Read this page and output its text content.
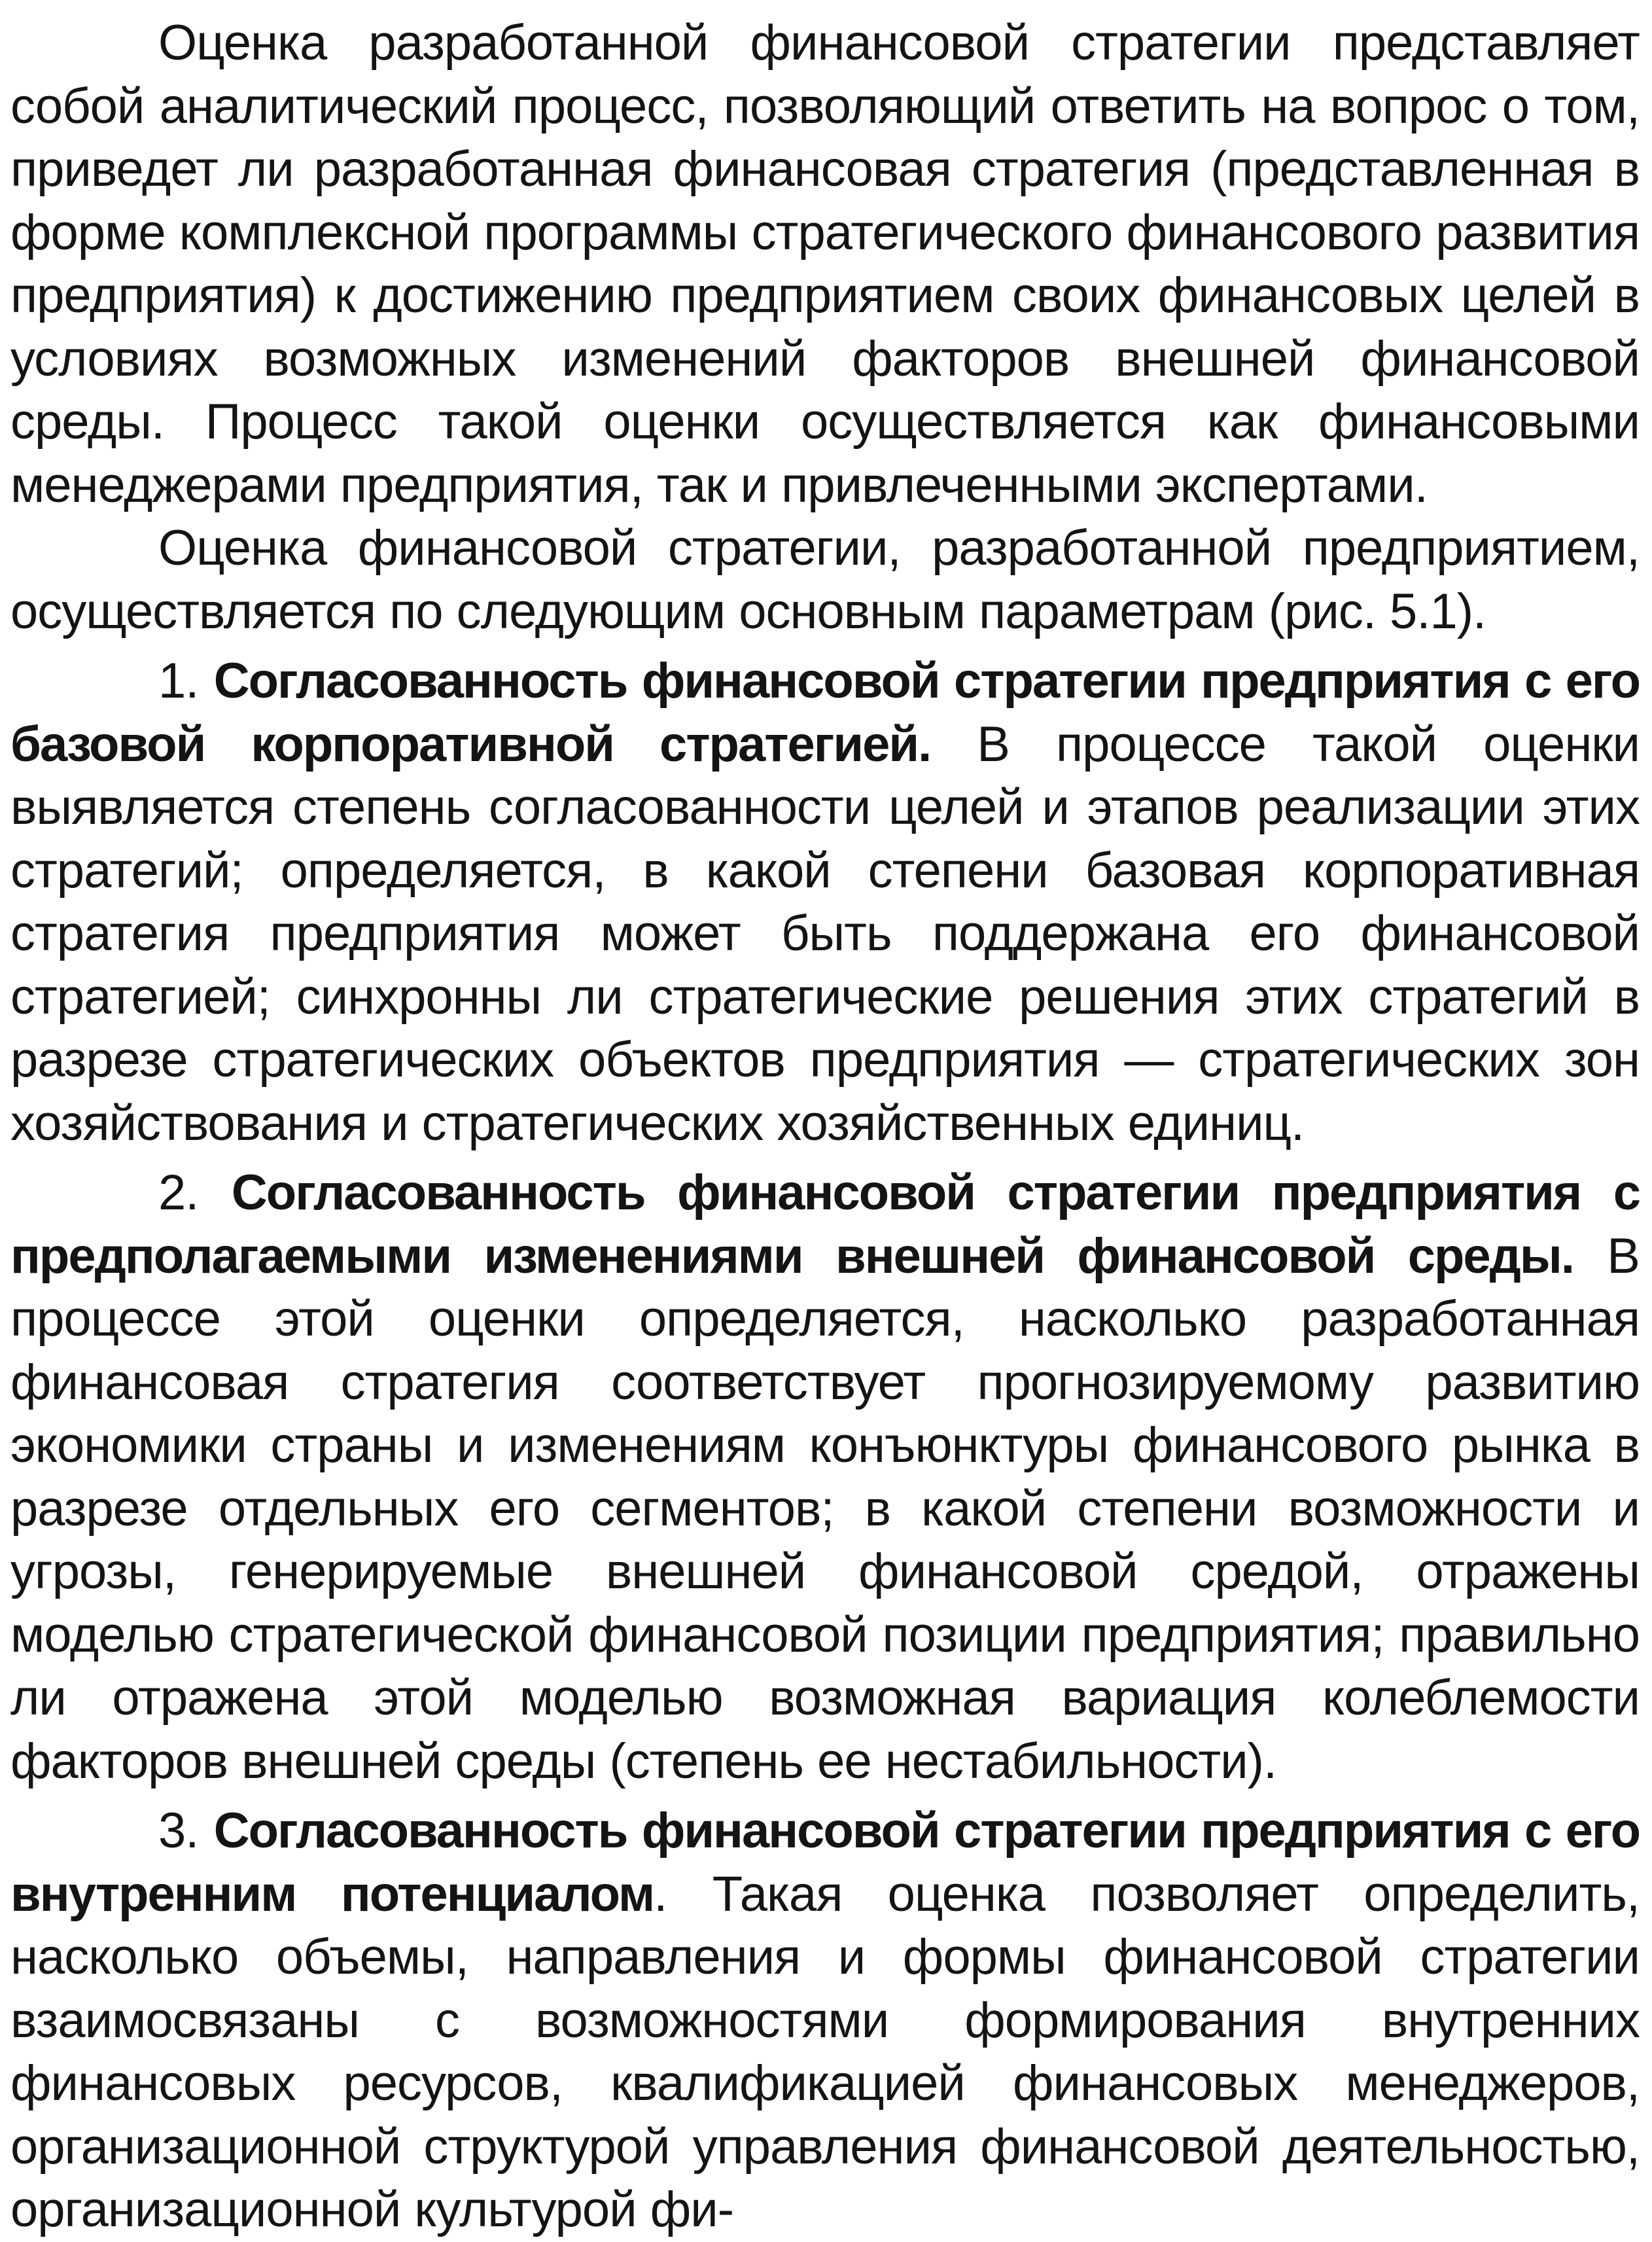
Оценка разработанной финансовой стратегии представляет собой аналитический процесс, позволяющий ответить на вопрос о том, приведет ли разработанная финансовая стратегия (представленная в форме комплексной программы стратегического финансового развития предприятия) к достижению предприятием своих финансовых целей в условиях возможных изменений факторов внешней финансовой среды. Процесс такой оценки осуществляется как финансовыми менеджерами предприятия, так и привлеченными экспертами.

Оценка финансовой стратегии, разработанной предприятием, осуществляется по следующим основным параметрам (рис. 5.1).

1. Согласованность финансовой стратегии предприятия с его базовой корпоративной стратегией. В процессе такой оценки выявляется степень согласованности целей и этапов реализации этих стратегий; определяется, в какой степени базовая корпоративная стратегия предприятия может быть поддержана его финансовой стратегией; синхронны ли стратегические решения этих стратегий в разрезе стратегических объектов предприятия — стратегических зон хозяйствования и стратегических хозяйственных единиц.

2. Согласованность финансовой стратегии предприятия с предполагаемыми изменениями внешней финансовой среды. В процессе этой оценки определяется, насколько разработанная финансовая стратегия соответствует прогнозируемому развитию экономики страны и изменениям конъюнктуры финансового рынка в разрезе отдельных его сегментов; в какой степени возможности и угрозы, генерируемые внешней финансовой средой, отражены моделью стратегической финансовой позиции предприятия; правильно ли отражена этой моделью возможная вариация колеблемости факторов внешней среды (степень ее нестабильности).

3. Согласованность финансовой стратегии предприятия с его внутренним потенциалом. Такая оценка позволяет определить, насколько объемы, направления и формы финансовой стратегии взаимосвязаны с возможностями формирования внутренних финансовых ресурсов, квалификацией финансовых менеджеров, организационной структурой управления финансовой деятельностью, организационной культурой фи-
